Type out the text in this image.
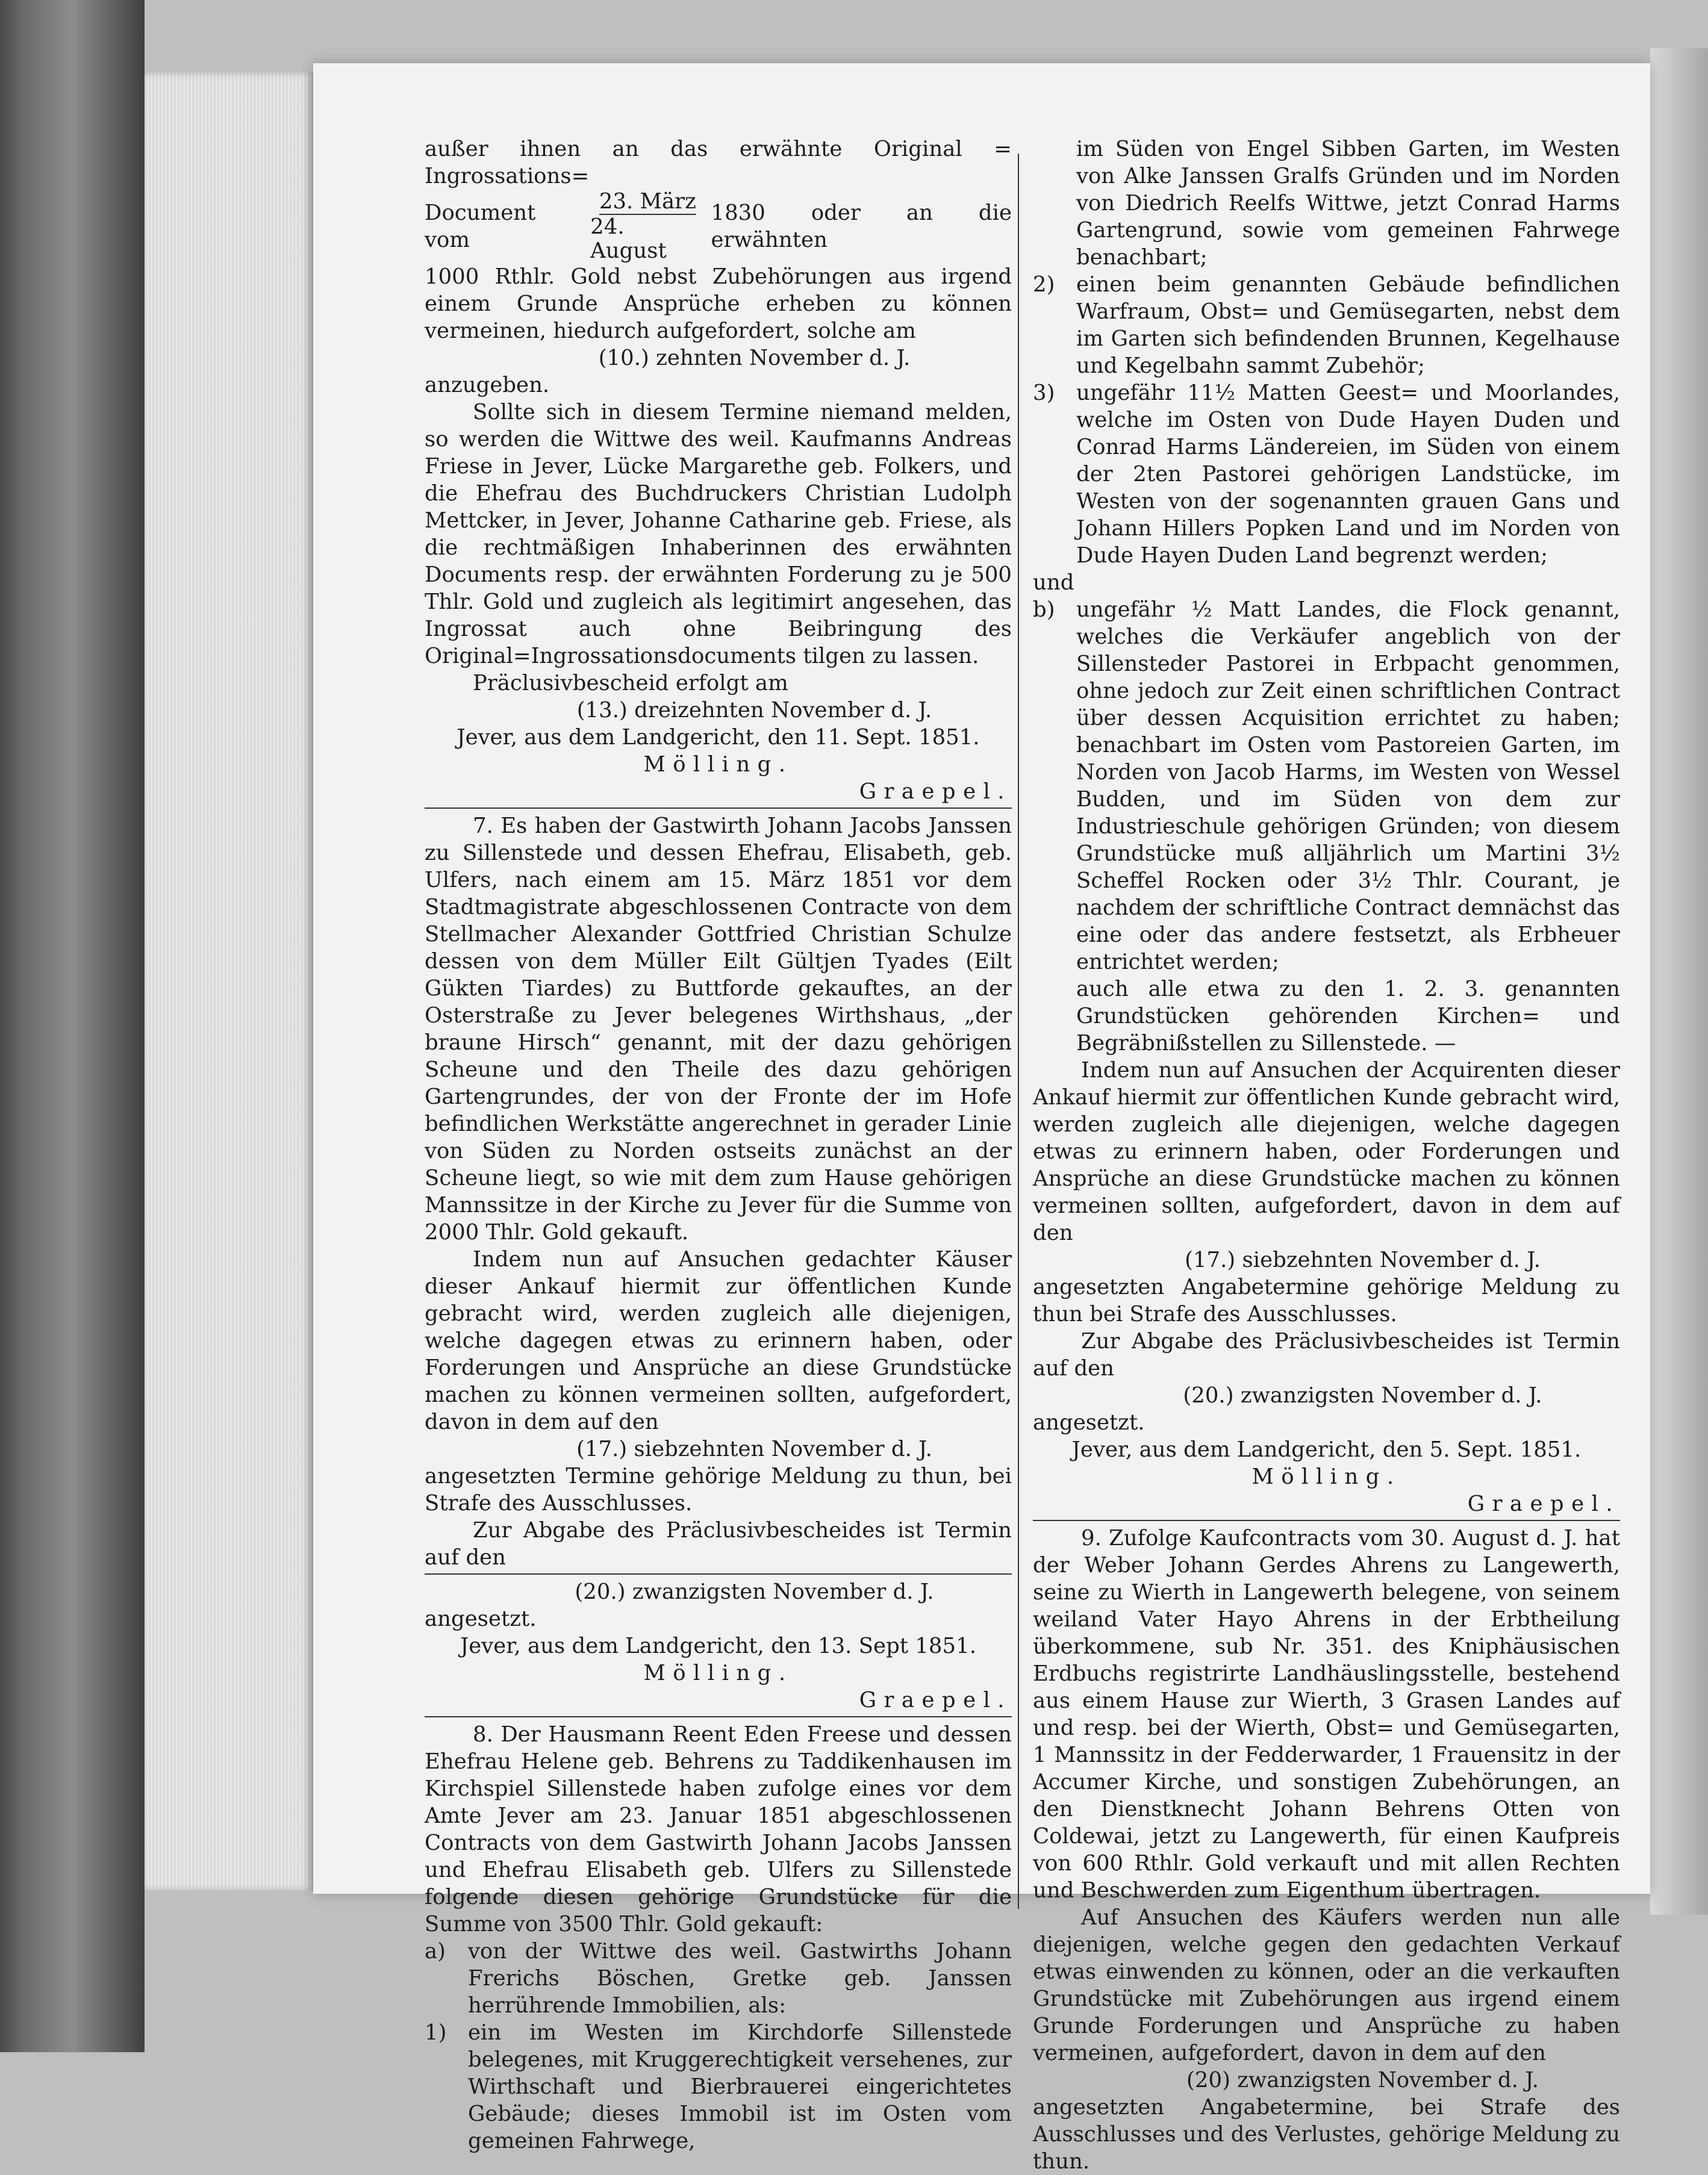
außer ihnen an das erwähnte Original = Ingrossations=

Document vom	$\frac{\text{23. März}}{\text{24. August}} 1830$ oder an die erwähnten

1000 Rthlr. Gold nebst Zubehörungen aus irgend einem Grunde Ansprüche erheben zu können vermeinen, hiedurch aufgefordert, solche am

(10.) zehnten November d. J.

anzugeben.

Sollte sich in diesem Termine niemand melden, so werden die Wittwe des weil. Kaufmanns Andreas Friese in Jever, Lücke Margarethe geb. Folkers, und die Ehefrau des Buchdruckers Christian Ludolph Mettcker, in Jever, Johanne Catharine geb. Friese, als die rechtmäßigen Inhaberinnen des erwähnten Documents resp. der erwähnten Forderung zu je 500 Thlr. Gold und zugleich als legitimirt angesehen, das Ingrossat auch ohne Beibringung des Original=Ingrossationsdocuments tilgen zu lassen.

Präclusivbescheid erfolgt am

(13.) dreizehnten November d. J.

Jever, aus dem Landgericht, den 11. Sept. 1851.

Mölling.

Graepel.

7. Es haben der Gastwirth Johann Jacobs Janssen zu Sillenstede und dessen Ehefrau, Elisabeth, geb. Ulfers, nach einem am 15. März 1851 vor dem Stadtmagistrate abgeschlossenen Contracte von dem Stellmacher Alexander Gottfried Christian Schulze dessen von dem Müller Eilt Gültjen Tyades (Eilt Gükten Tiardes) zu Buttforde gekauftes, an der Osterstraße zu Jever belegenes Wirthshaus, „der braune Hirsch“ genannt, mit der dazu gehörigen Scheune und den Theile des dazu gehörigen Gartengrundes, der von der Fronte der im Hofe befindlichen Werkstätte angerechnet in gerader Linie von Süden zu Norden ostseits zunächst an der Scheune liegt, so wie mit dem zum Hause gehörigen Mannssitze in der Kirche zu Jever für die Summe von 2000 Thlr. Gold gekauft.

Indem nun auf Ansuchen gedachter Käuser dieser Ankauf hiermit zur öffentlichen Kunde gebracht wird, werden zugleich alle diejenigen, welche dagegen etwas zu erinnern haben, oder Forderungen und Ansprüche an diese Grundstücke machen zu können vermeinen sollten, aufgefordert, davon in dem auf den

(17.) siebzehnten November d. J.

angesetzten Termine gehörige Meldung zu thun, bei Strafe des Ausschlusses.

Zur Abgabe des Präclusivbescheides ist Termin auf den

(20.) zwanzigsten November d. J.

angesetzt.

Jever, aus dem Landgericht, den 13. Sept 1851.

Mölling.

Graepel.

8. Der Hausmann Reent Eden Freese und dessen Ehefrau Helene geb. Behrens zu Taddikenhausen im Kirchspiel Sillenstede haben zufolge eines vor dem Amte Jever am 23. Januar 1851 abgeschlossenen Contracts von dem Gastwirth Johann Jacobs Janssen und Ehefrau Elisabeth geb. Ulfers zu Sillenstede folgende diesen gehörige Grundstücke für die Summe von 3500 Thlr. Gold gekauft:

a)	von der Wittwe des weil. Gastwirths Johann Frerichs Böschen, Gretke geb. Janssen herrührende Immobilien, als:
1)	ein im Westen im Kirchdorfe Sillenstede belegenes, mit Kruggerechtigkeit versehenes, zur Wirthschaft und Bierbrauerei eingerichtetes Gebäude; dieses Immobil ist im Osten vom gemeinen Fahrwege,

im Süden von Engel Sibben Garten, im Westen von Alke Janssen Gralfs Gründen und im Norden von Diedrich Reelfs Wittwe, jetzt Conrad Harms Gartengrund, sowie vom gemeinen Fahrwege benachbart;

2)	einen beim genannten Gebäude befindlichen Warfraum, Obst= und Gemüsegarten, nebst dem im Garten sich befindenden Brunnen, Kegelhause und Kegelbahn sammt Zubehör;
3)	ungefähr 11½ Matten Geest= und Moorlandes, welche im Osten von Dude Hayen Duden und Conrad Harms Ländereien, im Süden von einem der 2ten Pastorei gehörigen Landstücke, im Westen von der sogenannten grauen Gans und Johann Hillers Popken Land und im Norden von Dude Hayen Duden Land begrenzt werden;

und

b) ungefähr ½ Matt Landes, die Flock genannt, welches die Verkäufer angeblich von der Sillensteder Pastorei in Erbpacht genommen, ohne jedoch zur Zeit einen schriftlichen Contract über dessen Acquisition errichtet zu haben; benachbart im Osten vom Pastoreien Garten, im Norden von Jacob Harms, im Westen von Wessel Budden, und im Süden von dem zur Industrieschule gehörigen Gründen; von diesem Grundstücke muß alljährlich um Martini 3½ Scheffel Rocken oder 3½ Thlr. Courant, je nachdem der schriftliche Contract demnächst das eine oder das andere festsetzt, als Erbheuer entrichtet werden;

auch alle etwa zu den 1. 2. 3. genannten Grundstücken gehörenden Kirchen= und Begräbnißstellen zu Sillenstede. —

Indem nun auf Ansuchen der Acquirenten dieser Ankauf hiermit zur öffentlichen Kunde gebracht wird, werden zugleich alle diejenigen, welche dagegen etwas zu erinnern haben, oder Forderungen und Ansprüche an diese Grundstücke machen zu können vermeinen sollten, aufgefordert, davon in dem auf den

(17.) siebzehnten November d. J.

angesetzten Angabetermine gehörige Meldung zu thun bei Strafe des Ausschlusses.

Zur Abgabe des Präclusivbescheides ist Termin auf den

(20.) zwanzigsten November d. J.

angesetzt.

Jever, aus dem Landgericht, den 5. Sept. 1851.

Mölling.

Graepel.

9. Zufolge Kaufcontracts vom 30. August d. J. hat der Weber Johann Gerdes Ahrens zu Langewerth, seine zu Wierth in Langewerth belegene, von seinem weiland Vater Hayo Ahrens in der Erbtheilung überkommene, sub Nr. 351. des Kniphäusischen Erdbuchs registrirte Landhäuslingsstelle, bestehend aus einem Hause zur Wierth, 3 Grasen Landes auf und resp. bei der Wierth, Obst= und Gemüsegarten, 1 Mannssitz in der Fedderwarder, 1 Frauensitz in der Accumer Kirche, und sonstigen Zubehörungen, an den Dienstknecht Johann Behrens Otten von Coldewai, jetzt zu Langewerth, für einen Kaufpreis von 600 Rthlr. Gold verkauft und mit allen Rechten und Beschwerden zum Eigenthum übertragen.

Auf Ansuchen des Käufers werden nun alle diejenigen, welche gegen den gedachten Verkauf etwas einwenden zu können, oder an die verkauften Grundstücke mit Zubehörungen aus irgend einem Grunde Forderungen und Ansprüche zu haben vermeinen, aufgefordert, davon in dem auf den

(20) zwanzigsten November d. J.

angesetzten Angabetermine, bei Strafe des Ausschlusses und des Verlustes, gehörige Meldung zu thun.
